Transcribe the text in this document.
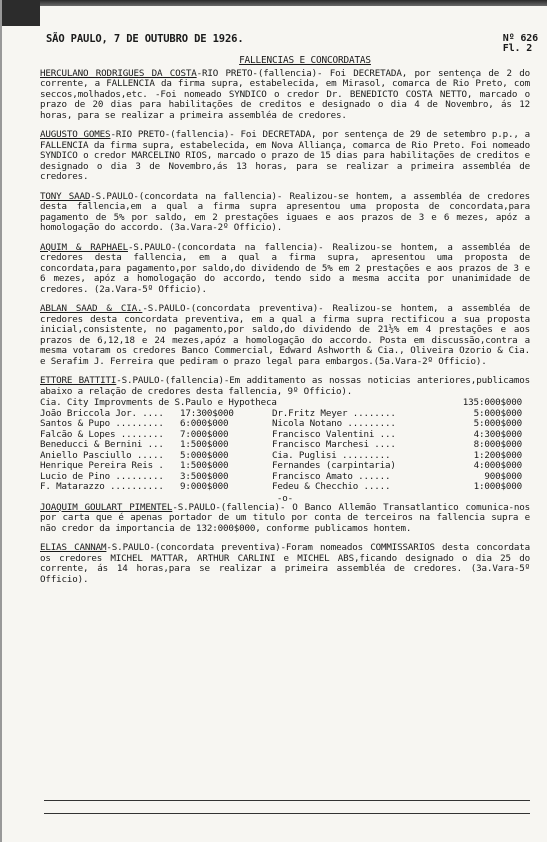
SÃO PAULO, 7 DE OUTUBRO DE 1926.	Nº 626
Fl. 2
FALLENCIAS E CONCORDATAS
HERCULANO RODRIGUES DA COSTA-RIO PRETO-(fallencia)- Foi DECRETADA, por sentença de 2 do corrente, a FALLENCIA da firma supra, estabelecida, em Mirasol, comarca de Rio Preto, com seccos,molhados,etc. -Foi nomeado SYNDICO o credor Dr. BENEDICTO COSTA NETTO, marcado o prazo de 20 dias para habilitações de creditos e designado o dia 4 de Novembro, ás 12 horas, para se realizar a primeira assembléa de credores.
AUGUSTO GOMES-RIO PRETO-(fallencia)- Foi DECRETADA, por sentença de 29 de setembro p.p., a FALLENCIA da firma supra, estabelecida, em Nova Alliança, comarca de Rio Preto. Foi nomeado SYNDICO o credor MARCELINO RIOS, marcado o prazo de 15 dias para habilitações de creditos e designado o dia 3 de Novembro,ás 13 horas, para se realizar a primeira assembléa de credores.
TONY SAAD-S.PAULO-(concordata na fallencia)- Realizou-se hontem, a assembléa de credores desta fallencia,em a qual a firma supra apresentou uma proposta de concordata,para pagamento de 5% por saldo, em 2 prestações iguaes e aos prazos de 3 e 6 mezes, apóz a homologação do accordo. (3a.Vara-2º Officio).
AQUIM & RAPHAEL-S.PAULO-(concordata na fallencia)- Realizou-se hontem, a assembléa de credores desta fallencia, em a qual a firma supra, apresentou uma proposta de concordata,para pagamento,por saldo,do dividendo de 5% em 2 prestações e aos prazos de 3 e 6 mezes, apóz a homologação do accordo, tendo sido a mesma accita por unanimidade de credores. (2a.Vara-5º Officio).
ABLAN SAAD & CIA.-S.PAULO-(concordata preventiva)- Realizou-se hontem, a assembléa de credores desta concordata preventiva, em a qual a firma supra rectificou a sua proposta inicial,consistente, no pagamento,por saldo,do dividendo de 21½% em 4 prestações e aos prazos de 6,12,18 e 24 mezes,apóz a homologação do accordo. Posta em discussão,contra a mesma votaram os credores Banco Commercial, Edward Ashworth & Cia., Oliveira Ozorio & Cia. e Serafim J. Ferreira que pediram o prazo legal para embargos.(5a.Vara-2º Officio).
ETTORE BATTITI-S.PAULO-(fallencia)-Em additamento as nossas noticias anteriores,publicamos abaixo a relação de credores desta fallencia, 9º Officio).
Cia. City Improvments de S.Paulo e Hypotheca			135:000$000
João Briccola Jor. ....	17:300$000	Dr.Fritz Meyer ........	5:000$000
Santos & Pupo .........	6:000$000	Nicola Notano .........	5:000$000
Falcão & Lopes ........	7:000$000	Francisco Valentini ...	4:300$000
Beneducci & Bernini ...	1:500$000	Francisco Marchesi ....	8:000$000
Aniello Pasciullo .....	5:000$000	Cia. Puglisi .........	1:200$000
Henrique Pereira Reis .	1:500$000	Fernandes (carpintaria)	4:000$000
Lucio de Pino .........	3:500$000	Francisco Amato ......	900$000
F. Matarazzo ..........	9:000$000	Fedeu & Checchio .....	1:000$000
-o-
JOAQUIM GOULART PIMENTEL-S.PAULO-(fallencia)- O Banco Allemão Transatlantico comunica-nos por carta que é apenas portador de um titulo por conta de terceiros na fallencia supra e não credor da importancia de 132:000$000, conforme publicamos hontem.
ELIAS CANNAM-S.PAULO-(concordata preventiva)-Foram nomeados COMMISSARIOS desta concordata os credores MICHEL MATTAR, ARTHUR CARLINI e MICHEL ABS,ficando designado o dia 25 do corrente, ás 14 horas,para se realizar a primeira assembléa de credores. (3a.Vara-5º Officio).
